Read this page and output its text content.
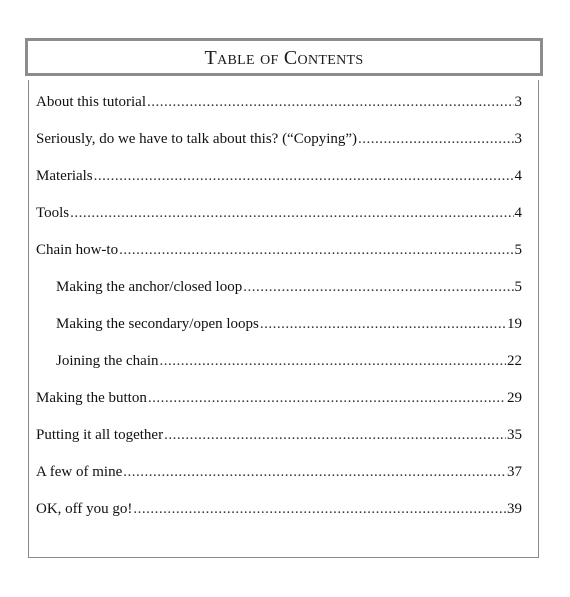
Table of Contents
About this tutorial .....	3
Seriously, do we have to talk about this? (“Copying”) .....	3
Materials .....	4
Tools .....	4
Chain how-to .....	5
Making the anchor/closed loop .....	5
Making the secondary/open loops .....	19
Joining the chain .....	22
Making the button .....	29
Putting it all together .....	35
A few of mine .....	37
OK, off you go! .....	39
